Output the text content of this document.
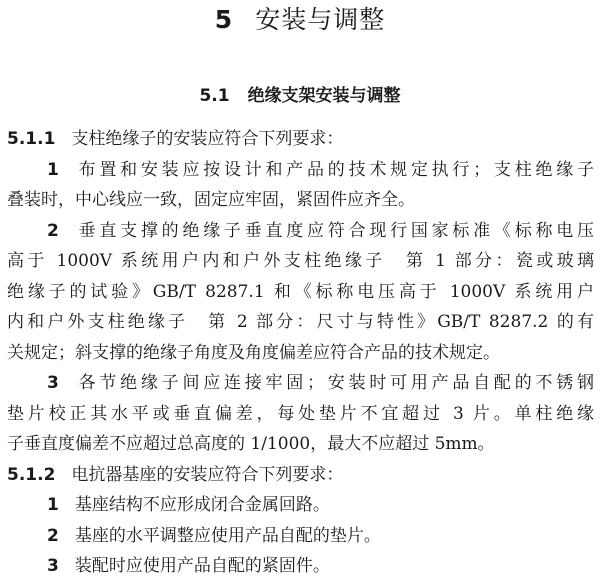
5 安装与调整
5.1 绝缘支架安装与调整
5.1.1 支柱绝缘子的安装应符合下列要求：
1 布置和安装应按设计和产品的技术规定执行；支柱绝缘子
叠装时，中心线应一致，固定应牢固，紧固件应齐全。
2 垂直支撑的绝缘子垂直度应符合现行国家标准《标称电压
高于 1000V 系统用户内和户外支柱绝缘子　第 1 部分：瓷或玻璃
绝缘子的试验》GB/T 8287.1 和《标称电压高于 1000V 系统用户
内和户外支柱绝缘子　第 2 部分：尺寸与特性》GB/T 8287.2 的有
关规定；斜支撑的绝缘子角度及角度偏差应符合产品的技术规定。
3 各节绝缘子间应连接牢固；安装时可用产品自配的不锈钢
垫片校正其水平或垂直偏差，每处垫片不宜超过 3 片。单柱绝缘
子垂直度偏差不应超过总高度的 1/1000，最大不应超过 5mm。
5.1.2 电抗器基座的安装应符合下列要求：
1 基座结构不应形成闭合金属回路。
2 基座的水平调整应使用产品自配的垫片。
3 装配时应使用产品自配的紧固件。
